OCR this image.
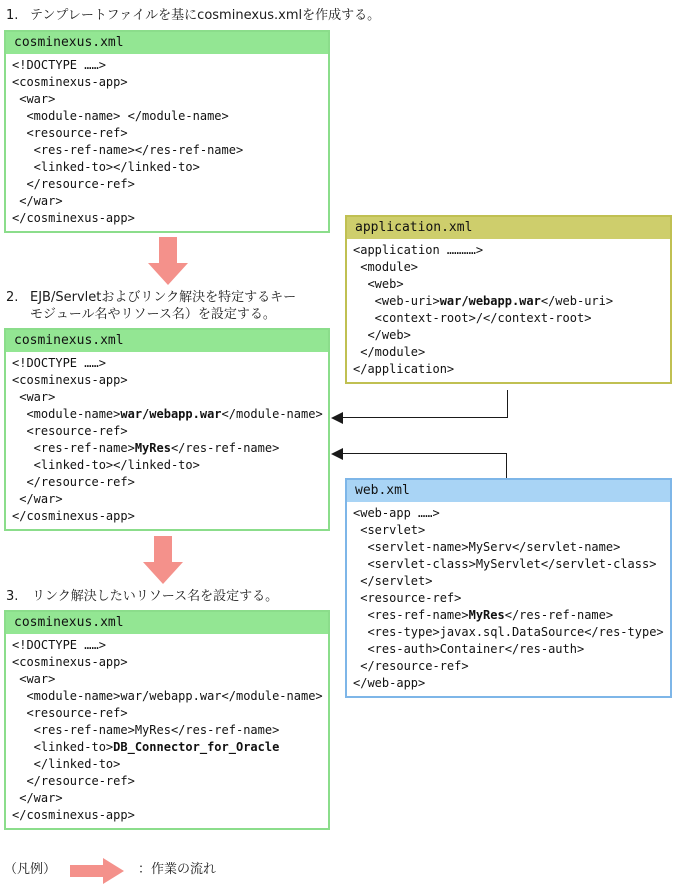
1. テンプレートファイルを基にcosminexus.xmlを作成する。
cosminexus.xml
<!DOCTYPE ……>
<cosminexus-app>
<war>
<module-name> </module-name>
<resource-ref>
<res-ref-name></res-ref-name>
<linked-to></linked-to>
</resource-ref>
</war>
</cosminexus-app>
2. EJB/Servletおよびリンク解決を特定するキー
モジュール名やリソース名）を設定する。
cosminexus.xml
<!DOCTYPE ……>
<cosminexus-app>
<war>
<module-name>war/webapp.war</module-name>
<resource-ref>
<res-ref-name>MyRes</res-ref-name>
<linked-to></linked-to>
</resource-ref>
</war>
</cosminexus-app>
application.xml
<application …………>
<module>
<web>
<web-uri>war/webapp.war</web-uri>
<context-root>/</context-root>
</web>
</module>
</application>
web.xml
<web-app ……>
<servlet>
<servlet-name>MyServ</servlet-name>
<servlet-class>MyServlet</servlet-class>
</servlet>
<resource-ref>
<res-ref-name>MyRes</res-ref-name>
<res-type>javax.sql.DataSource</res-type>
<res-auth>Container</res-auth>
</resource-ref>
</web-app>
3. リンク解決したいリソース名を設定する。
cosminexus.xml
<!DOCTYPE ……>
<cosminexus-app>
<war>
<module-name>war/webapp.war</module-name>
<resource-ref>
<res-ref-name>MyRes</res-ref-name>
<linked-to>DB_Connector_for_Oracle
</linked-to>
</resource-ref>
</war>
</cosminexus-app>
（凡例）	：作業の流れ
